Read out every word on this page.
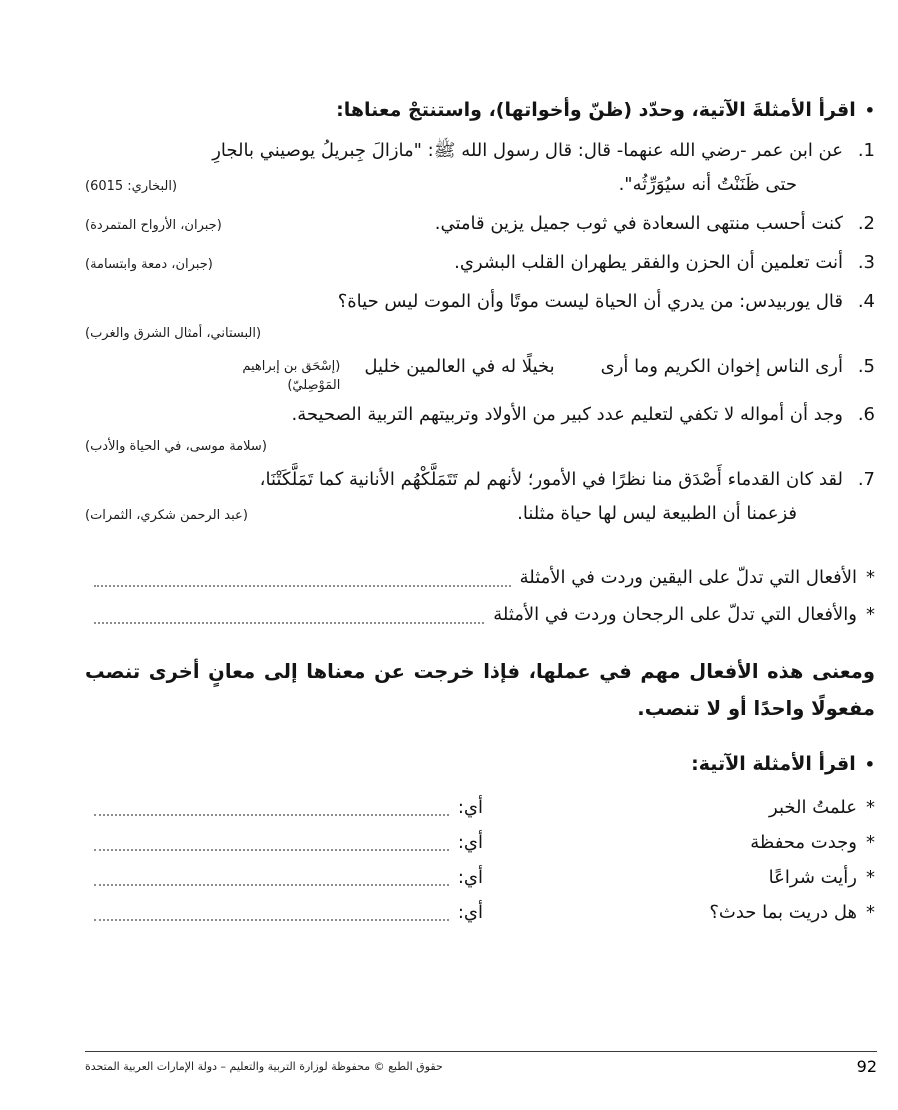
•
اقرأ الأمثلةَ الآتية، وحدّد (ظنّ وأخواتها)، واستنتجْ معناها:
1.
عن ابن عمر -رضي الله عنهما- قال: قال رسول الله ﷺ: "مازالَ جِبريلُ يوصيني بالجارِ
حتى ظَنَنْتُ أنه سيُوَرِّثُه".
(البخاري: 6015)
2.
كنت أحسب منتهى السعادة في ثوب جميل يزين قامتي.
(جبران، الأرواح المتمردة)
3.
أنت تعلمين أن الحزن والفقر يطهران القلب البشري.
(جبران، دمعة وابتسامة)
4.
قال يوربيدس: من يدري أن الحياة ليست موتًا وأن الموت ليس حياة؟
(البستاني، أمثال الشرق والغرب)
5.
أرى الناس إخوان الكريم وما أرى
بخيلًا له في العالمين خليل
(إسْحَق بن إبراهيم المَوْصِليّ)
6.
وجد أن أمواله لا تكفي لتعليم عدد كبير من الأولاد وتربيتهم التربية الصحيحة.
(سلامة موسى، في الحياة والأدب)
7.
لقد كان القدماء أَصْدَق منا نظرًا في الأمور؛ لأنهم لم تَتَمَلَّكْهُم الأنانية كما تَمَلَّكَتْنَا،
فزعمنا أن الطبيعة ليس لها حياة مثلنا.
(عبد الرحمن شكري، الثمرات)
*
الأفعال التي تدلّ على اليقين وردت في الأمثلة
*
والأفعال التي تدلّ على الرجحان وردت في الأمثلة

ومعنى هذه الأفعال مهم في عملها، فإذا خرجت عن معناها إلى معانٍ أخرى تنصب مفعولًا واحدًا أو لا تنصب.

•
اقرأ الأمثلة الآتية:
*
علمتُ الخبر
أي:
*
وجدت محفظة
أي:
*
رأيت شراعًا
أي:
*
هل دريت بما حدث؟
أي:
92
حقوق الطبع © محفوظة لوزارة التربية والتعليم – دولة الإمارات العربية المتحدة
